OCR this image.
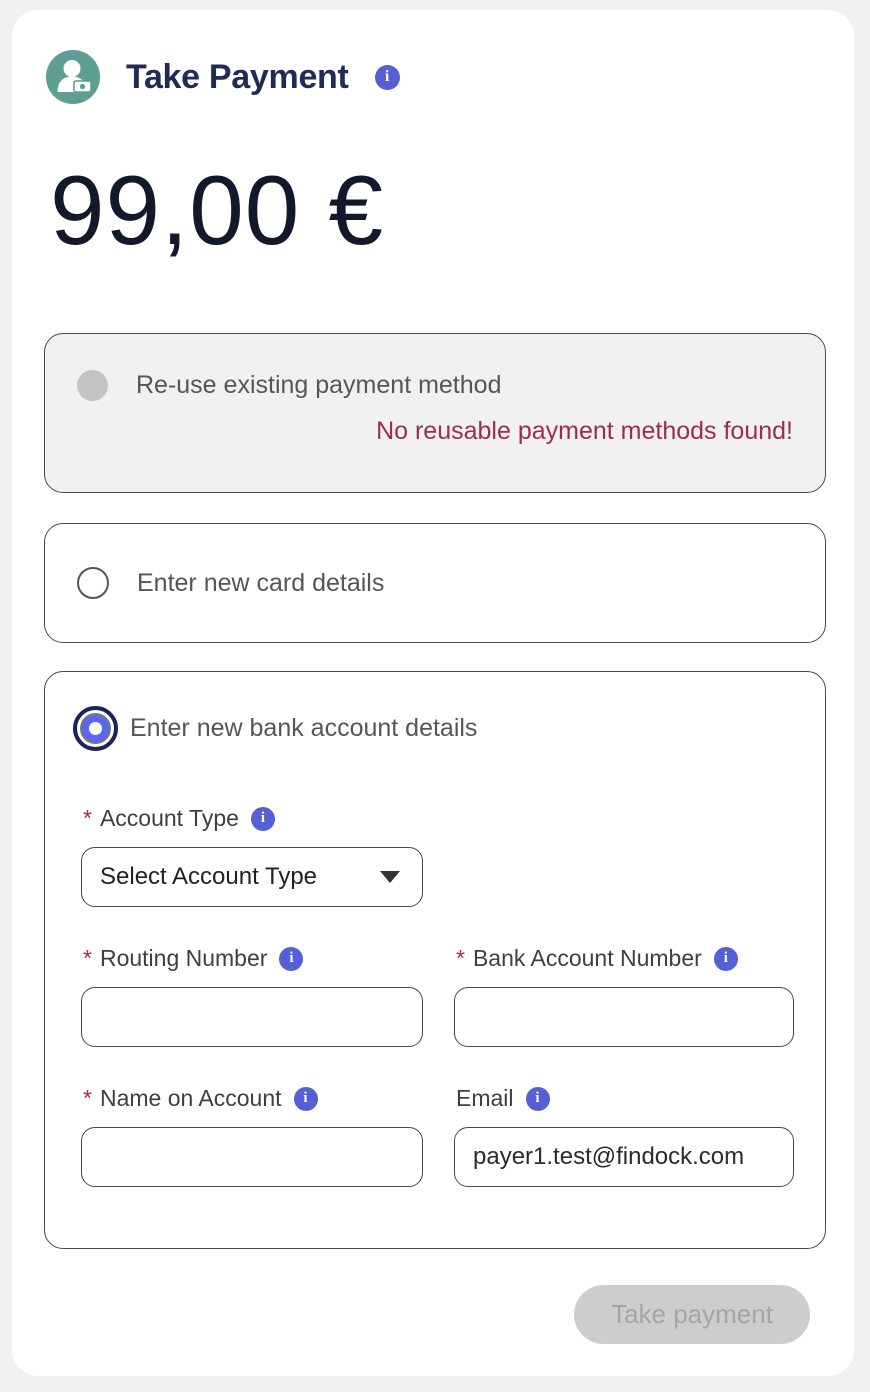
Take Payment	i
99,00 €
Re-use existing payment method
No reusable payment methods found!
Enter new card details
Enter new bank account details
* Account Type	i
Select Account Type
* Routing Number	i	* Bank Account Number	i
* Name on Account	i	Email	i
payer1.test@findock.com
Take payment
